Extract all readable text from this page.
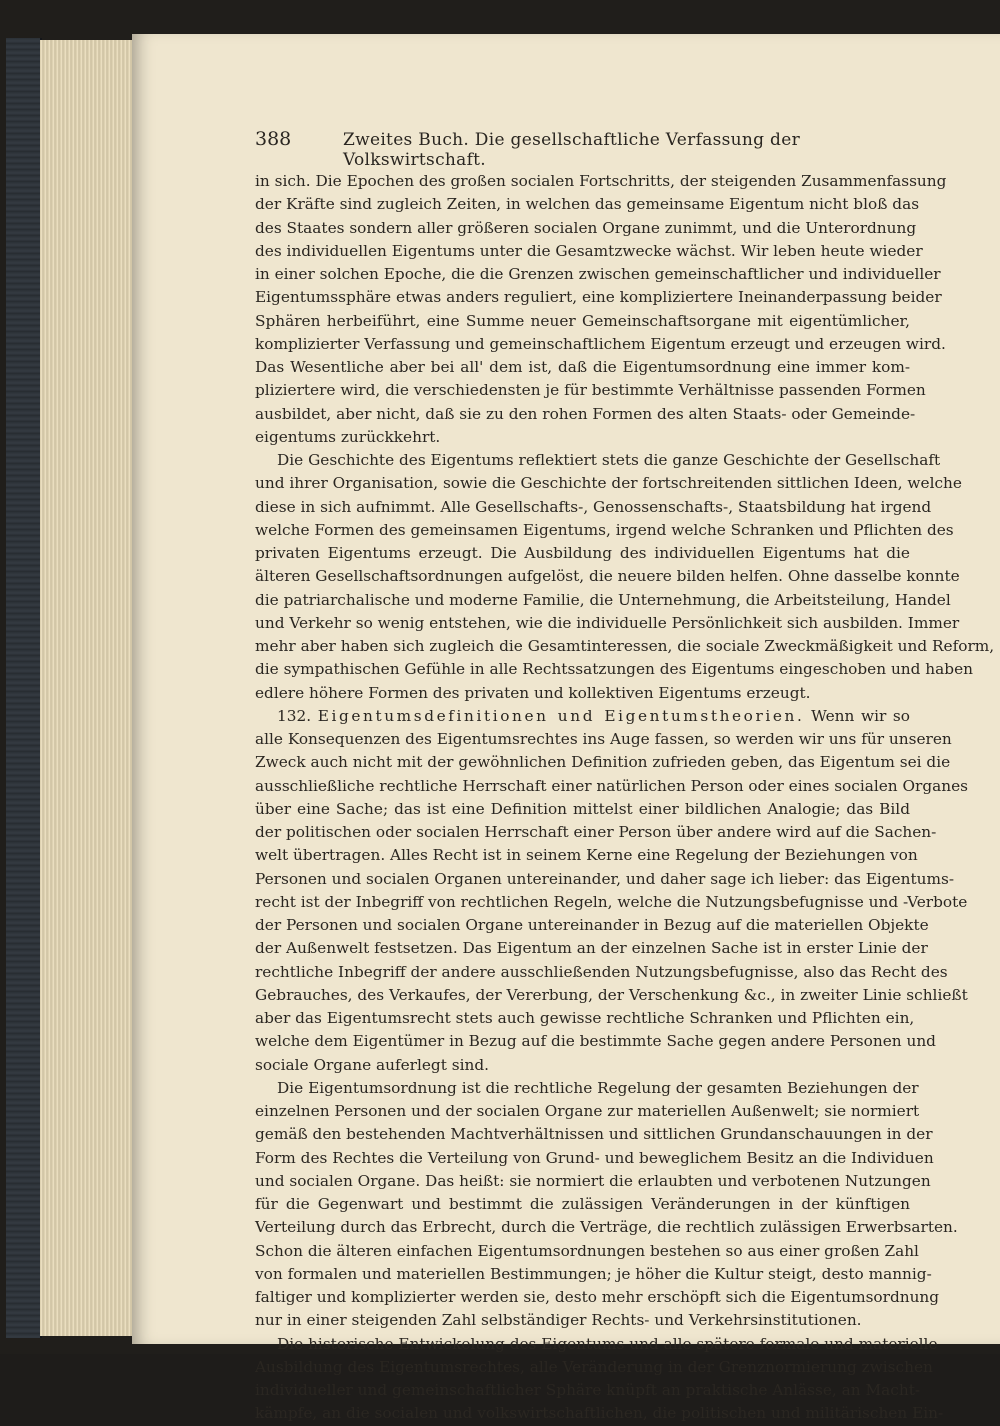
388	Zweites Buch. Die gesellschaftliche Verfassung der Volkswirtschaft.
in sich. Die Epochen des großen socialen Fortschritts, der steigenden Zusammenfassung
der Kräfte sind zugleich Zeiten, in welchen das gemeinsame Eigentum nicht bloß das
des Staates sondern aller größeren socialen Organe zunimmt, und die Unterordnung
des individuellen Eigentums unter die Gesamtzwecke wächst. Wir leben heute wieder
in einer solchen Epoche, die die Grenzen zwischen gemeinschaftlicher und individueller
Eigentumssphäre etwas anders reguliert, eine kompliziertere Ineinanderpassung beider
Sphären herbeiführt, eine Summe neuer Gemeinschaftsorgane mit eigentümlicher,
komplizierter Verfassung und gemeinschaftlichem Eigentum erzeugt und erzeugen wird.
Das Wesentliche aber bei all' dem ist, daß die Eigentumsordnung eine immer kom-
pliziertere wird, die verschiedensten je für bestimmte Verhältnisse passenden Formen
ausbildet, aber nicht, daß sie zu den rohen Formen des alten Staats- oder Gemeinde-
eigentums zurückkehrt.
Die Geschichte des Eigentums reflektiert stets die ganze Geschichte der Gesellschaft
und ihrer Organisation, sowie die Geschichte der fortschreitenden sittlichen Ideen, welche
diese in sich aufnimmt. Alle Gesellschafts-, Genossenschafts-, Staatsbildung hat irgend
welche Formen des gemeinsamen Eigentums, irgend welche Schranken und Pflichten des
privaten Eigentums erzeugt. Die Ausbildung des individuellen Eigentums hat die
älteren Gesellschaftsordnungen aufgelöst, die neuere bilden helfen. Ohne dasselbe konnte
die patriarchalische und moderne Familie, die Unternehmung, die Arbeitsteilung, Handel
und Verkehr so wenig entstehen, wie die individuelle Persönlichkeit sich ausbilden. Immer
mehr aber haben sich zugleich die Gesamtinteressen, die sociale Zweckmäßigkeit und Reform,
die sympathischen Gefühle in alle Rechtssatzungen des Eigentums eingeschoben und haben
edlere höhere Formen des privaten und kollektiven Eigentums erzeugt.
132. Eigentumsdefinitionen und Eigentumstheorien. Wenn wir so
alle Konsequenzen des Eigentumsrechtes ins Auge fassen, so werden wir uns für unseren
Zweck auch nicht mit der gewöhnlichen Definition zufrieden geben, das Eigentum sei die
ausschließliche rechtliche Herrschaft einer natürlichen Person oder eines socialen Organes
über eine Sache; das ist eine Definition mittelst einer bildlichen Analogie; das Bild
der politischen oder socialen Herrschaft einer Person über andere wird auf die Sachen-
welt übertragen. Alles Recht ist in seinem Kerne eine Regelung der Beziehungen von
Personen und socialen Organen untereinander, und daher sage ich lieber: das Eigentums-
recht ist der Inbegriff von rechtlichen Regeln, welche die Nutzungsbefugnisse und -Verbote
der Personen und socialen Organe untereinander in Bezug auf die materiellen Objekte
der Außenwelt festsetzen. Das Eigentum an der einzelnen Sache ist in erster Linie der
rechtliche Inbegriff der andere ausschließenden Nutzungsbefugnisse, also das Recht des
Gebrauches, des Verkaufes, der Vererbung, der Verschenkung &c., in zweiter Linie schließt
aber das Eigentumsrecht stets auch gewisse rechtliche Schranken und Pflichten ein,
welche dem Eigentümer in Bezug auf die bestimmte Sache gegen andere Personen und
sociale Organe auferlegt sind.
Die Eigentumsordnung ist die rechtliche Regelung der gesamten Beziehungen der
einzelnen Personen und der socialen Organe zur materiellen Außenwelt; sie normiert
gemäß den bestehenden Machtverhältnissen und sittlichen Grundanschauungen in der
Form des Rechtes die Verteilung von Grund- und beweglichem Besitz an die Individuen
und socialen Organe. Das heißt: sie normiert die erlaubten und verbotenen Nutzungen
für die Gegenwart und bestimmt die zulässigen Veränderungen in der künftigen
Verteilung durch das Erbrecht, durch die Verträge, die rechtlich zulässigen Erwerbsarten.
Schon die älteren einfachen Eigentumsordnungen bestehen so aus einer großen Zahl
von formalen und materiellen Bestimmungen; je höher die Kultur steigt, desto mannig-
faltiger und komplizierter werden sie, desto mehr erschöpft sich die Eigentumsordnung
nur in einer steigenden Zahl selbständiger Rechts- und Verkehrsinstitutionen.
Die historische Entwickelung des Eigentums und alle spätere formale und materielle
Ausbildung des Eigentumsrechtes, alle Veränderung in der Grenznormierung zwischen
individueller und gemeinschaftlicher Sphäre knüpft an praktische Anlässe, an Macht-
kämpfe, an die socialen und volkswirtschaftlichen, die politischen und militärischen Ein-
